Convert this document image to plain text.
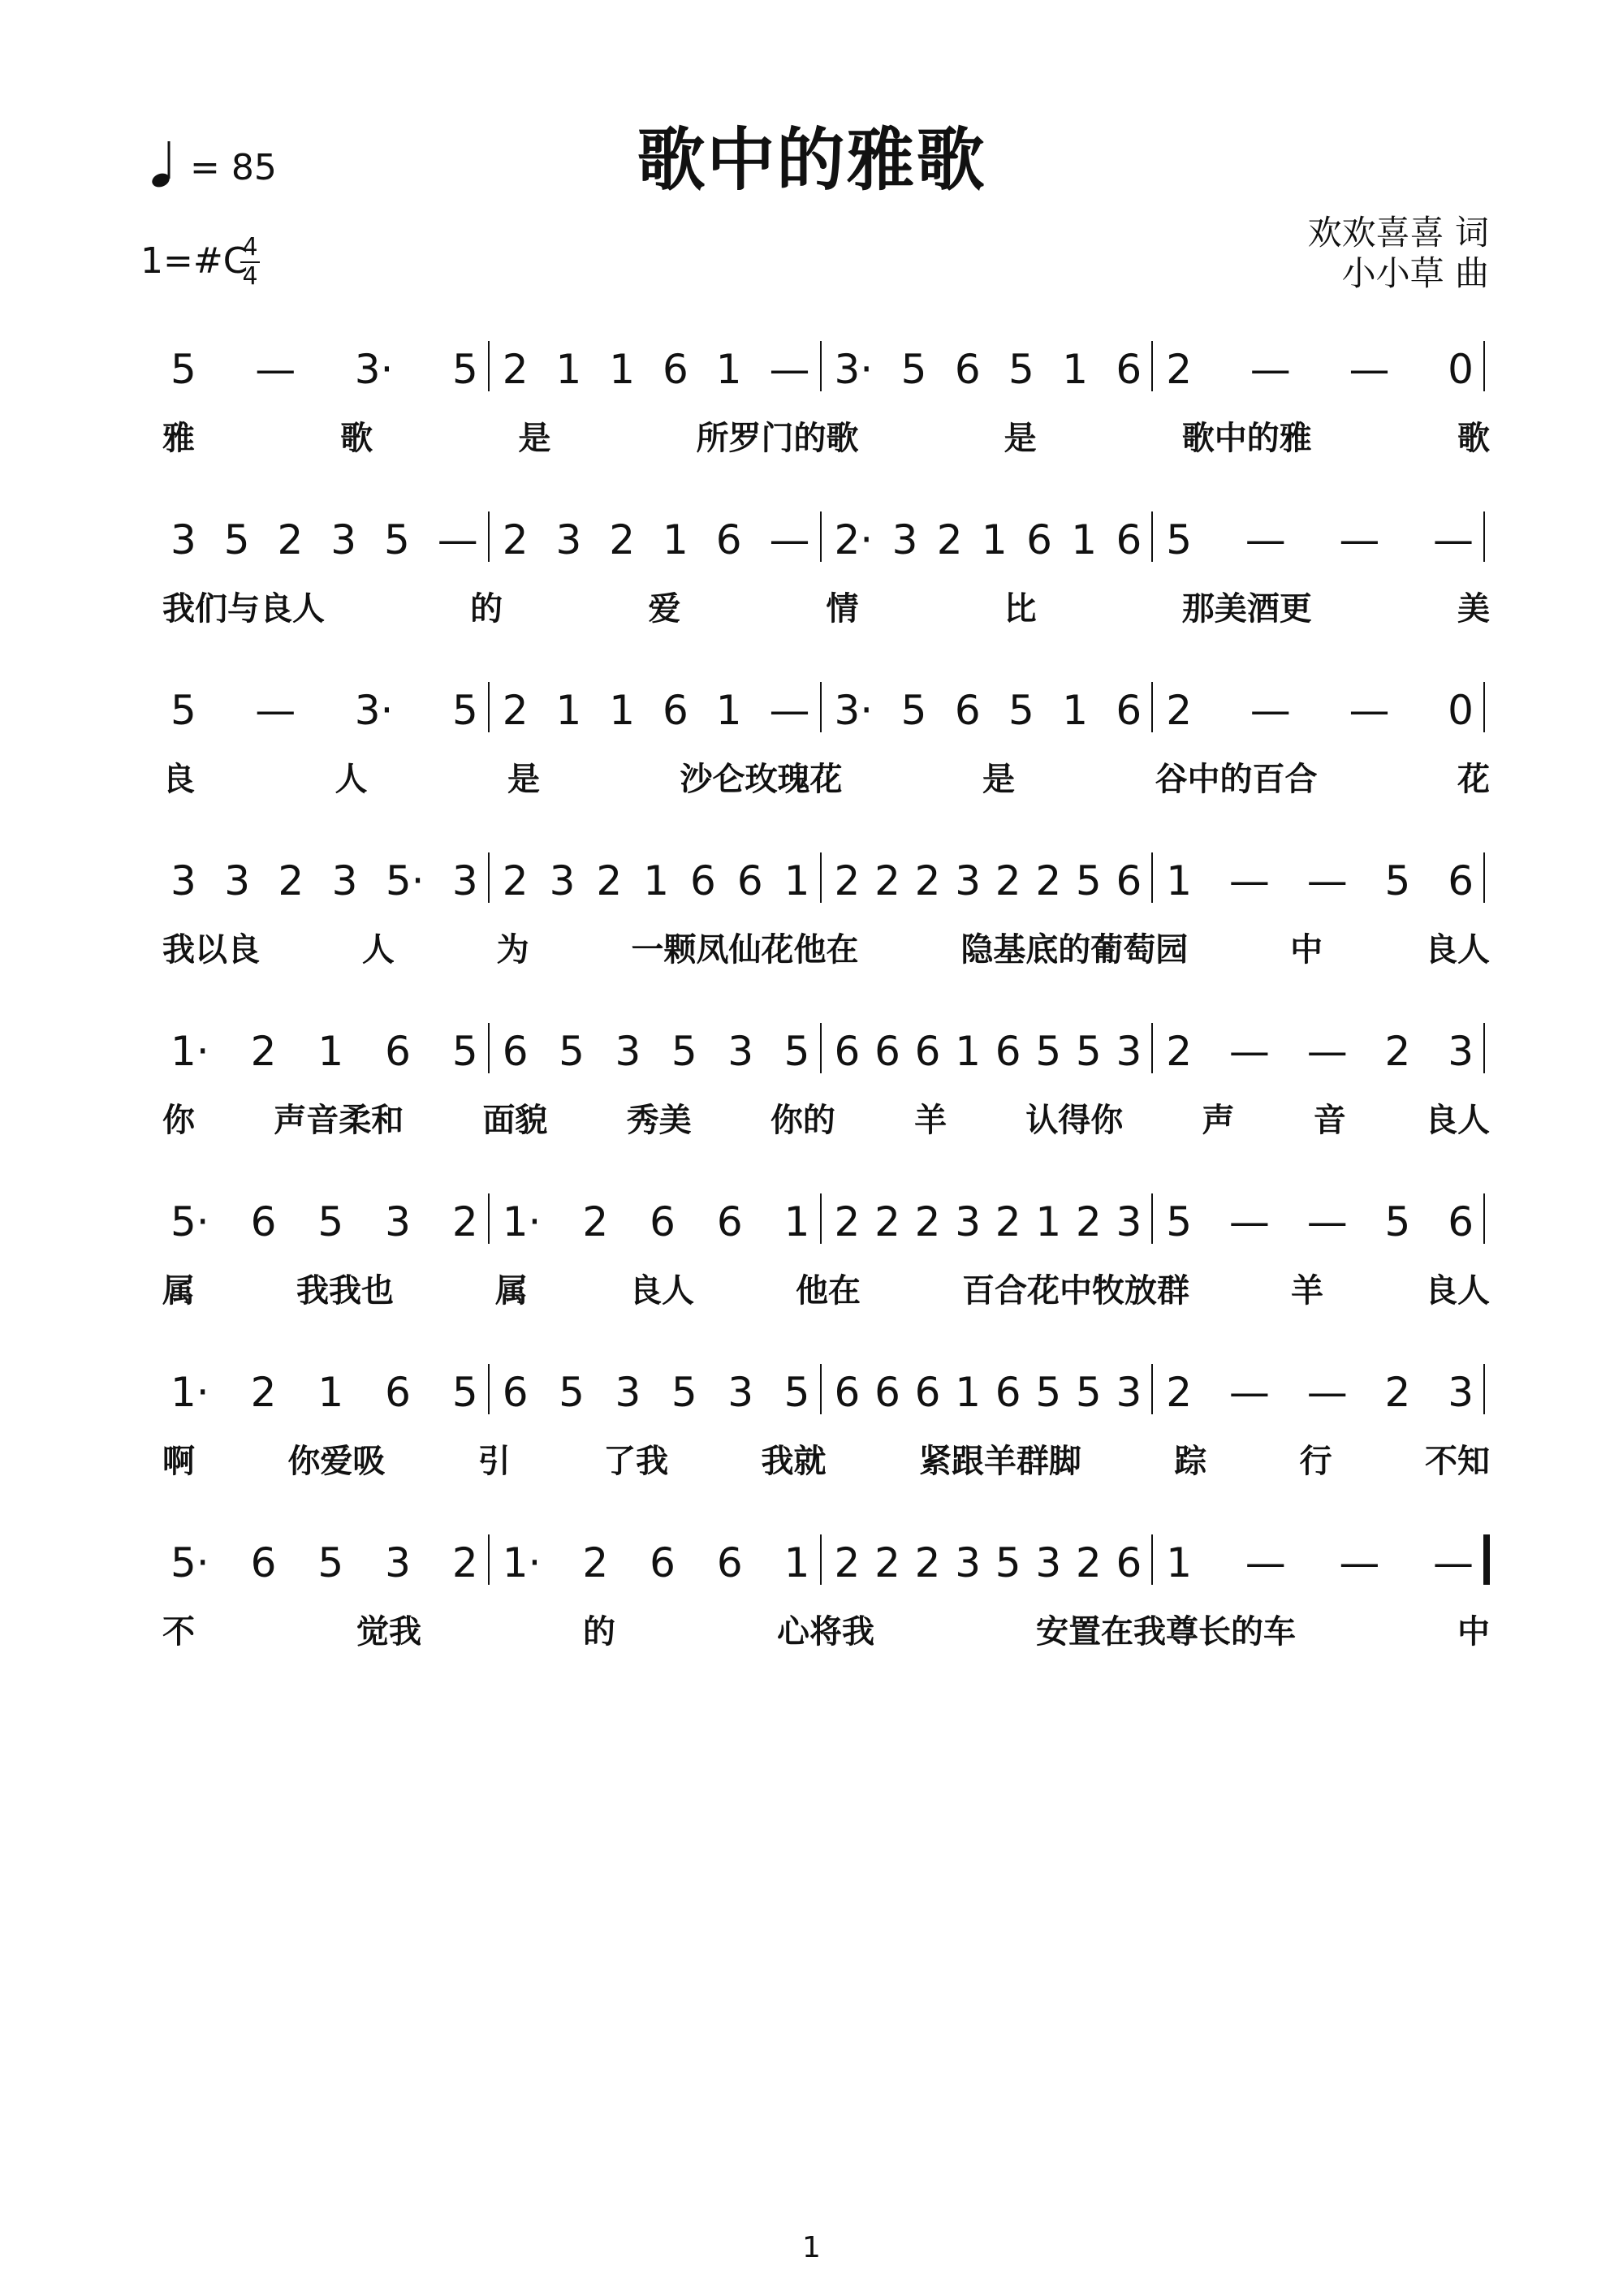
歌中的雅歌
= 85
1=#C
4
4
欢欢喜喜 词
小小草 曲
5 — 3· 5 2 1 1 6 1 — 3· 5 6 5 1 6 2 — — 0
雅	歌	是	所罗门的歌	是	歌中的雅	歌
3 5 2 3 5 — 2 3 2 1 6 — 2· 3 2 1 6 1 6 5 — — —
我们与良人	的	爱	情	比	那美酒更	美
5 — 3· 5 2 1 1 6 1 — 3· 5 6 5 1 6 2 — — 0
良	人	是	沙仑玫瑰花	是	谷中的百合	花
3 3 2 3 5· 3 2 3 2 1 6 6 1 2 2 2 3 2 2 5 6 1 — — 5 6
我以良	人	为	一颗凤仙花他在	隐基底的葡萄园	中	良人
1· 2 1 6 5 6 5 3 5 3 5 6 6 6 1 6 5 5 3 2 — — 2 3
你 声音柔和 面貌 秀美 你的 羊 认得你 声 音 良人
5· 6 5 3 2 1· 2 6 6 1 2 2 2 3 2 1 2 3 5 — — 5 6
属	我我也	属	良人	他在	百合花中牧放群	羊	良人
1· 2 1 6 5 6 5 3 5 3 5 6 6 6 1 6 5 5 3 2 — — 2 3
啊	你爱吸	引	了我	我就	紧跟羊群脚	踪	行	不知
5· 6 5 3 2 1· 2 6 6 1 2 2 2 3 5 3 2 6 1 — — —
不	觉我	的	心将我	安置在我尊长的车	中
1
